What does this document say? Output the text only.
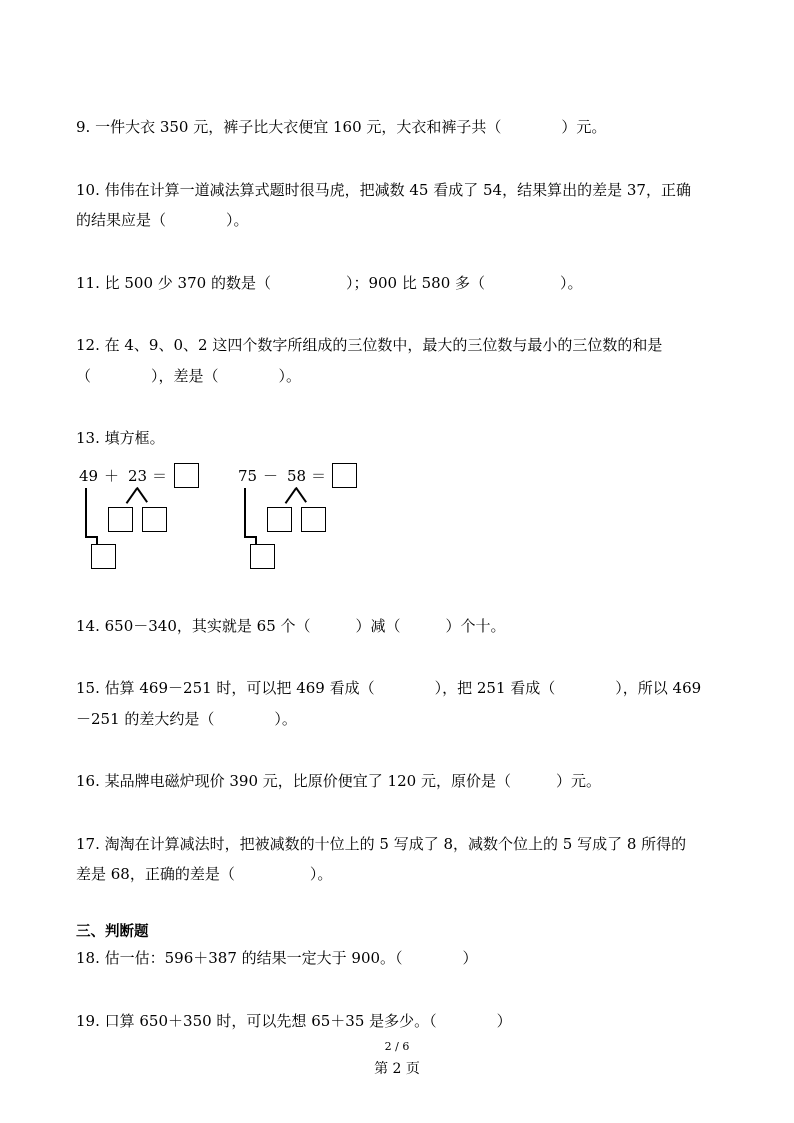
9. 一件大衣 350 元，裤子比大衣便宜 160 元，大衣和裤子共（　　　　）元。
10. 伟伟在计算一道减法算式题时很马虎，把减数 45 看成了 54，结果算出的差是 37，正确
的结果应是（　　　　）。
11. 比 500 少 370 的数是（　　　　　）；900 比 580 多（　　　　　）。
12. 在 4、9、0、2 这四个数字所组成的三位数中，最大的三位数与最小的三位数的和是
（　　　　），差是（　　　　）。
13. 填方框。
49 ＋ 23 ＝	75 － 58 ＝
14. 650－340，其实就是 65 个（　　　）减（　　　）个十。
15. 估算 469－251 时，可以把 469 看成（　　　　），把 251 看成（　　　　），所以 469
－251 的差大约是（　　　　）。
16. 某品牌电磁炉现价 390 元，比原价便宜了 120 元，原价是（　　　）元。
17. 淘淘在计算减法时，把被减数的十位上的 5 写成了 8，减数个位上的 5 写成了 8 所得的
差是 68，正确的差是（　　　　　）。
三、判断题
18. 估一估：596＋387 的结果一定大于 900。（　　　　）
19. 口算 650＋350 时，可以先想 65＋35 是多少。（　　　　）
2 / 6
第 2 页
